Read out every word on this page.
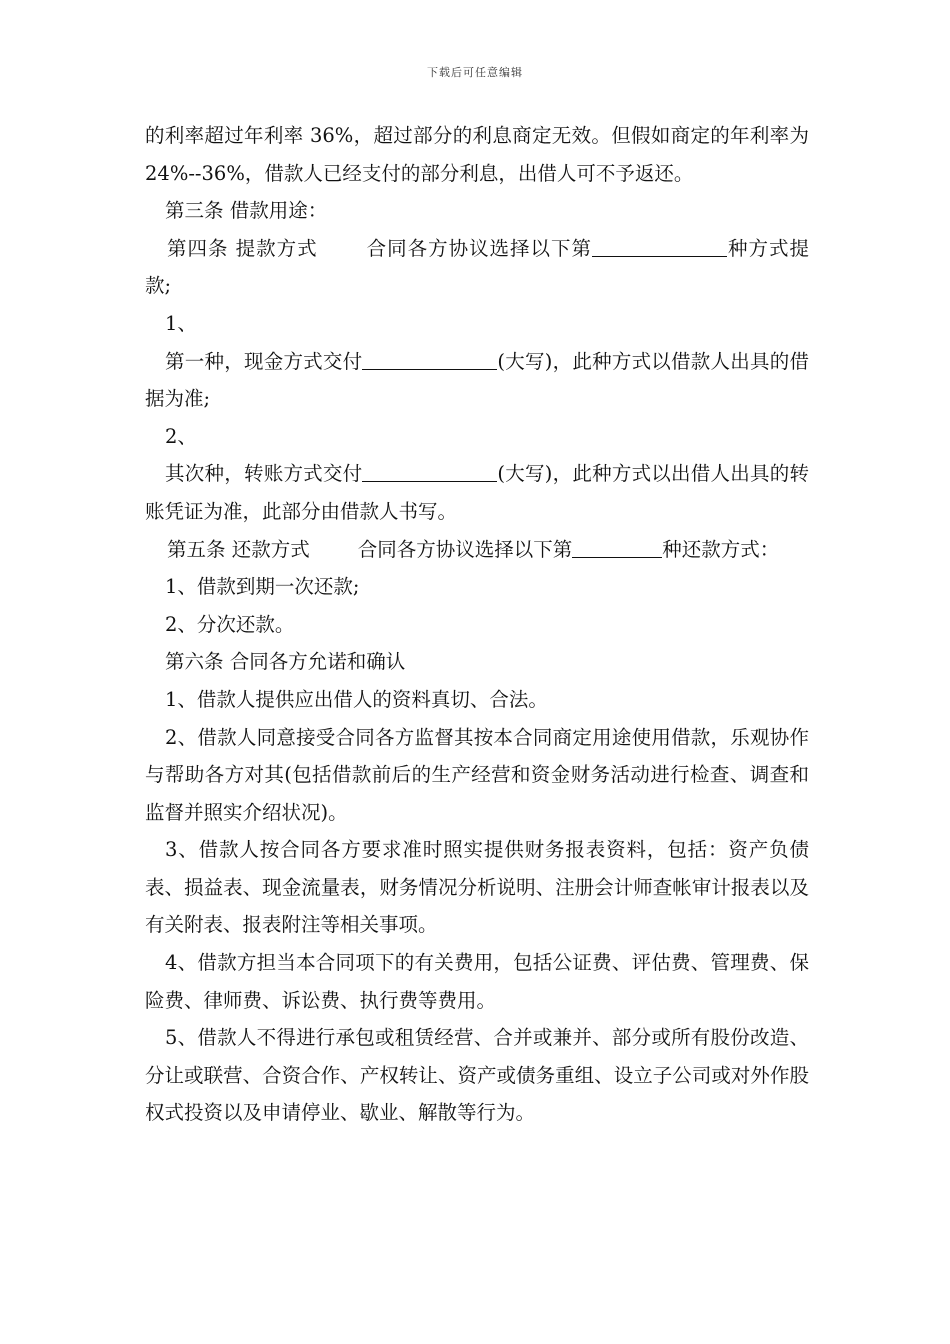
下载后可任意编辑

的利率超过年利率 36%，超过部分的利息商定无效。但假如商定的年利率为 24%--36%，借款人已经支付的部分利息，出借人可不予返还。

第三条 借款用途：

第四条 提款方式 合同各方协议选择以下第	种方式提款;

1、

第一种，现金方式交付	(大写)，此种方式以借款人出具的借据为准;

2、

其次种，转账方式交付	(大写)，此种方式以出借人出具的转账凭证为准，此部分由借款人书写。

第五条 还款方式 合同各方协议选择以下第	种还款方式：

1、借款到期一次还款;

2、分次还款。

第六条 合同各方允诺和确认

1、借款人提供应出借人的资料真切、合法。

2、借款人同意接受合同各方监督其按本合同商定用途使用借款，乐观协作与帮助各方对其(包括借款前后的生产经营和资金财务活动进行检查、调查和监督并照实介绍状况)。

3、借款人按合同各方要求准时照实提供财务报表资料，包括：资产负债表、损益表、现金流量表，财务情况分析说明、注册会计师查帐审计报表以及有关附表、报表附注等相关事项。

4、借款方担当本合同项下的有关费用，包括公证费、评估费、管理费、保险费、律师费、诉讼费、执行费等费用。

5、借款人不得进行承包或租赁经营、合并或兼并、部分或所有股份改造、分让或联营、合资合作、产权转让、资产或债务重组、设立子公司或对外作股权式投资以及申请停业、歇业、解散等行为。
